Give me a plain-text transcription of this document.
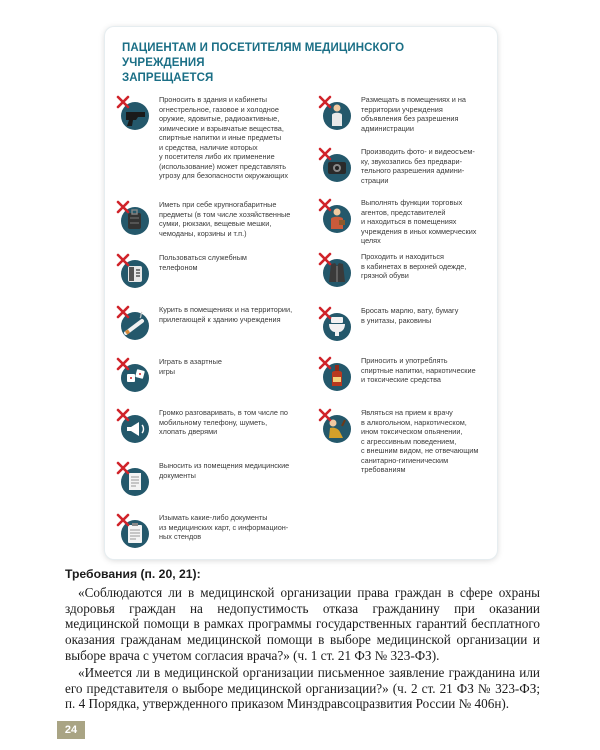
ПАЦИЕНТАМ И ПОСЕТИТЕЛЯМ МЕДИЦИНСКОГО УЧРЕЖДЕНИЯ
ЗАПРЕЩАЕТСЯ
Проносить в здания и кабинеты
огнестрельное, газовое и холодное
оружие, ядовитые, радиоактивные,
химические и взрывчатые вещества,
спиртные напитки и иные предметы
и средства, наличие которых
у посетителя либо их применение
(использование) может представлять
угрозу для безопасности окружающих
Иметь при себе крупногабаритные
предметы (в том числе хозяйственные
сумки, рюкзаки, вещевые мешки,
чемоданы, корзины и т.п.)
Пользоваться служебным
телефоном
Курить в помещениях и на территории,
прилегающей к зданию учреждения
Играть в азартные
игры
Громко разговаривать, в том числе по
мобильному телефону, шуметь,
хлопать дверями
Выносить из помещения медицинские
документы
Изымать какие-либо документы
из медицинских карт, с информацион-
ных стендов
Размещать в помещениях и на
территории учреждения
объявления без разрешения
администрации
Производить фото- и видеосъем-
ку, звукозапись без предвари-
тельного разрешения админи-
страции
Выполнять функции торговых
агентов, представителей
и находиться в помещениях
учреждения в иных коммерческих
целях
Проходить и находиться
в кабинетах в верхней одежде,
грязной обуви
Бросать марлю, вату, бумагу
в унитазы, раковины
Приносить и употреблять
спиртные напитки, наркотические
и токсические средства
Являться на прием к врачу
в алкогольном, наркотическом,
ином токсическом опьянении,
с агрессивным поведением,
с внешним видом, не отвечающим
санитарно-гигиеническим
требованиям

Требования (п. 20, 21):

«Соблюдаются ли в медицинской организации права граждан в сфере охраны здоровья граждан на недопустимость отказа гражданину при оказании медицинской помощи в рамках программы государственных гарантий бесплатного оказания гражданам медицинской помощи в выборе медицинской организации и выборе врача с учетом согласия врача?» (ч. 1 ст. 21 ФЗ № 323-ФЗ).

«Имеется ли в медицинской организации письменное заявление гражданина или его представителя о выборе медицинской организации?» (ч. 2 ст. 21 ФЗ № 323-ФЗ; п. 4 Порядка, утвержденного приказом Минздравсоцразвития России № 406н).

24
